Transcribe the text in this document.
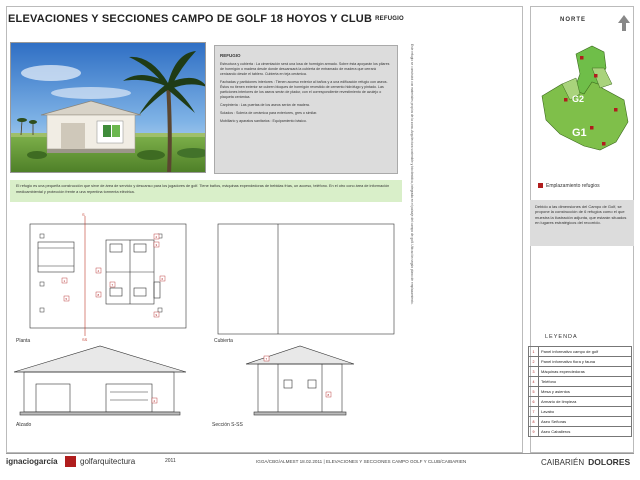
ELEVACIONES Y SECCIONES CAMPO DE GOLF 18 HOYOS Y CLUB REFUGIO
REFUGIO

Estructura y cubierta : La cimentación será una losa de hormigón armado. Sobre ésta apoyarán los pilares de hormigón o madera desde donde descansará la cubierta de entramado de madera que cerrará cenizando desde el tablero. Cubierta en teja cerámica.

Fachadas y particiones interiores : Tienen acceso exterior al baños y a una edificación refugio con aseos. Éstos no tienen exterior se cubren bloques de hormigón revestido de cemento hidrófugo y pintado. Las particiones interiores de los aseos serán de pladur, con el correspondiente revestimiento de azulejo o plaqueta cerámica.

Carpintería : Las puertas de los aseos serán de madera.

Solados : Solería de cerámica para exteriores, gres o similar.

Mobiliario y aparatos sanitarios : Equipamiento básico.	Este refugio se construirá con materiales propios de la zona. Arquitectura sostenible y bioclimática, integrada en el paisaje del campo de golf. Ubicación según plano de emplazamiento.
El refugio es una pequeña construcción que sirve de área de servicio y descanso para los jugadores de golf. Tiene baños, máquinas expendedoras de bebidas frías, un acceso, teléfono. En el otro cono área de información medioambiental y protección frente a una repentina tormenta eléctrica.
S
SS
1
2
3
4
5
6
7
8
9
2
7
8
Planta	Cubierta
Alzado	Sección S-SS
NORTE
G2
G1
Emplazamiento refugios
Debido a las dimensiones del Campo de Golf, se propone la construcción de 6 refugios como el que muestra la ilustración adjunta, que estarán situados en lugares estratégicos del recorrido.
LEYENDA
1	Panel informativo campo de golf
2	Panel informativo flora y fauna
3	Máquinas expendedoras
4	Teléfono
5	Mesa y asientos
6	Armario de limpieza
7	Lavabo
8	Aseo Señoras
9	Aseo Caballeros
ignaciogarcía	golfarquitectura	2011	IGGA/CBG/ALMEST 18.02.2011 | ELEVACIONES Y SECCIONES CAMPO GOLF Y CLUB/CAIBARIEN	CAIBARIÉN DOLORES
